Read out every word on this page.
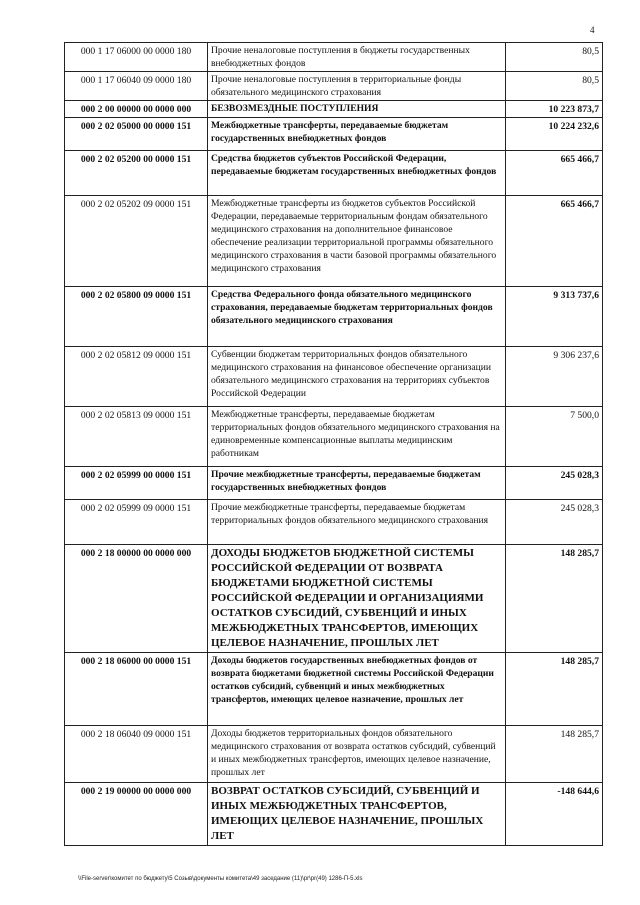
4
000 1 17 06000 00 0000 180	Прочие неналоговые поступления в бюджеты государственных внебюджетных фондов	80,5
000 1 17 06040 09 0000 180	Прочие неналоговые поступления в территориальные фонды обязательного медицинского страхования	80,5
000 2 00 00000 00 0000 000	БЕЗВОЗМЕЗДНЫЕ ПОСТУПЛЕНИЯ	10 223 873,7
000 2 02 05000 00 0000 151	Межбюджетные трансферты, передаваемые бюджетам государственных внебюджетных фондов	10 224 232,6
000 2 02 05200 00 0000 151	Средства бюджетов субъектов Российской Федерации, передаваемые бюджетам государственных внебюджетных фондов	665 466,7
000 2 02 05202 09 0000 151	Межбюджетные трансферты из бюджетов субъектов Российской Федерации, передаваемые территориальным фондам обязательного медицинского страхования на дополнительное финансовое обеспечение реализации территориальной программы обязательного медицинского страхования в части базовой программы обязательного медицинского страхования	665 466,7
000 2 02 05800 09 0000 151	Средства Федерального фонда обязательного медицинского страхования, передаваемые бюджетам территориальных фондов обязательного медицинского страхования	9 313 737,6
000 2 02 05812 09 0000 151	Субвенции бюджетам территориальных фондов обязательного медицинского страхования на финансовое обеспечение организации обязательного медицинского страхования на территориях субъектов Российской Федерации	9 306 237,6
000 2 02 05813 09 0000 151	Межбюджетные трансферты, передаваемые бюджетам территориальных фондов обязательного медицинского страхования на единовременные компенсационные выплаты медицинским работникам	7 500,0
000 2 02 05999 00 0000 151	Прочие межбюджетные трансферты, передаваемые бюджетам государственных внебюджетных фондов	245 028,3
000 2 02 05999 09 0000 151	Прочие межбюджетные трансферты, передаваемые бюджетам территориальных фондов обязательного медицинского страхования	245 028,3
000 2 18 00000 00 0000 000	ДОХОДЫ БЮДЖЕТОВ БЮДЖЕТНОЙ СИСТЕМЫ РОССИЙСКОЙ ФЕДЕРАЦИИ ОТ ВОЗВРАТА БЮДЖЕТАМИ БЮДЖЕТНОЙ СИСТЕМЫ РОССИЙСКОЙ ФЕДЕРАЦИИ И ОРГАНИЗАЦИЯМИ ОСТАТКОВ СУБСИДИЙ, СУБВЕНЦИЙ И ИНЫХ МЕЖБЮДЖЕТНЫХ ТРАНСФЕРТОВ, ИМЕЮЩИХ ЦЕЛЕВОЕ НАЗНАЧЕНИЕ, ПРОШЛЫХ ЛЕТ	148 285,7
000 2 18 06000 00 0000 151	Доходы бюджетов государственных внебюджетных фондов от возврата бюджетами бюджетной системы Российской Федерации остатков субсидий, субвенций и иных межбюджетных трансфертов, имеющих целевое назначение, прошлых лет	148 285,7
000 2 18 06040 09 0000 151	Доходы бюджетов территориальных фондов обязательного медицинского страхования от возврата остатков субсидий, субвенций и иных межбюджетных трансфертов, имеющих целевое назначение, прошлых лет	148 285,7
000 2 19 00000 00 0000 000	ВОЗВРАТ ОСТАТКОВ СУБСИДИЙ, СУБВЕНЦИЙ И ИНЫХ МЕЖБЮДЖЕТНЫХ ТРАНСФЕРТОВ, ИМЕЮЩИХ ЦЕЛЕВОЕ НАЗНАЧЕНИЕ, ПРОШЛЫХ ЛЕТ	-148 644,6
\\File-server\комитет по бюджету\5 Созыв\документы комитета\49 заседание (11)\pr\pr(49) 1286-П-5.xls
